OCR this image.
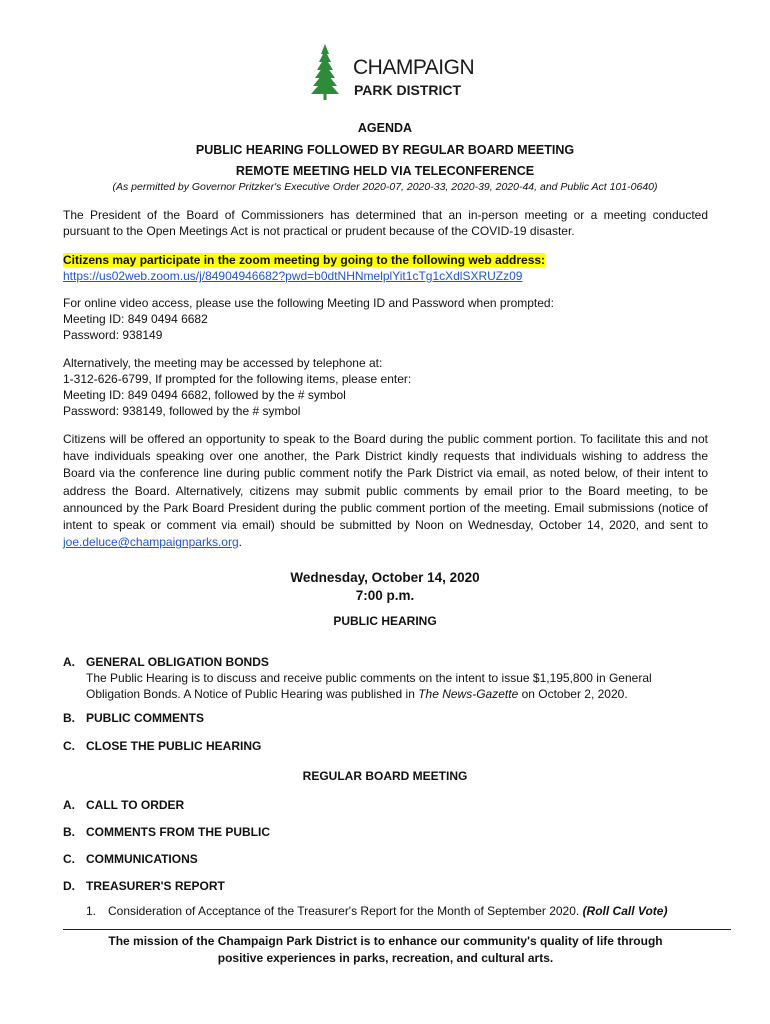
CHAMPAIGN
PARK DISTRICT
AGENDA
PUBLIC HEARING FOLLOWED BY REGULAR BOARD MEETING
REMOTE MEETING HELD VIA TELECONFERENCE
(As permitted by Governor Pritzker's Executive Order 2020-07, 2020-33, 2020-39, 2020-44, and Public Act 101-0640)
The President of the Board of Commissioners has determined that an in-person meeting or a meeting conducted pursuant to the Open Meetings Act is not practical or prudent because of the COVID-19 disaster.
Citizens may participate in the zoom meeting by going to the following web address:
https://us02web.zoom.us/j/84904946682?pwd=b0dtNHNmelplYit1cTg1cXdlSXRUZz09
For online video access, please use the following Meeting ID and Password when prompted:
Meeting ID: 849 0494 6682
Password: 938149
Alternatively, the meeting may be accessed by telephone at:
1-312-626-6799, If prompted for the following items, please enter:
Meeting ID: 849 0494 6682, followed by the # symbol
Password: 938149, followed by the # symbol
Citizens will be offered an opportunity to speak to the Board during the public comment portion. To facilitate this and not have individuals speaking over one another, the Park District kindly requests that individuals wishing to address the Board via the conference line during public comment notify the Park District via email, as noted below, of their intent to address the Board. Alternatively, citizens may submit public comments by email prior to the Board meeting, to be announced by the Park Board President during the public comment portion of the meeting. Email submissions (notice of intent to speak or comment via email) should be submitted by Noon on Wednesday, October 14, 2020, and sent to joe.deluce@champaignparks.org.
Wednesday, October 14, 2020
7:00 p.m.
PUBLIC HEARING
A. GENERAL OBLIGATION BONDS
The Public Hearing is to discuss and receive public comments on the intent to issue $1,195,800 in General Obligation Bonds. A Notice of Public Hearing was published in The News-Gazette on October 2, 2020.
B. PUBLIC COMMENTS
C. CLOSE THE PUBLIC HEARING
REGULAR BOARD MEETING
A. CALL TO ORDER
B. COMMENTS FROM THE PUBLIC
C. COMMUNICATIONS
D. TREASURER'S REPORT
1. Consideration of Acceptance of the Treasurer's Report for the Month of September 2020. (Roll Call Vote)
The mission of the Champaign Park District is to enhance our community's quality of life through
positive experiences in parks, recreation, and cultural arts.
